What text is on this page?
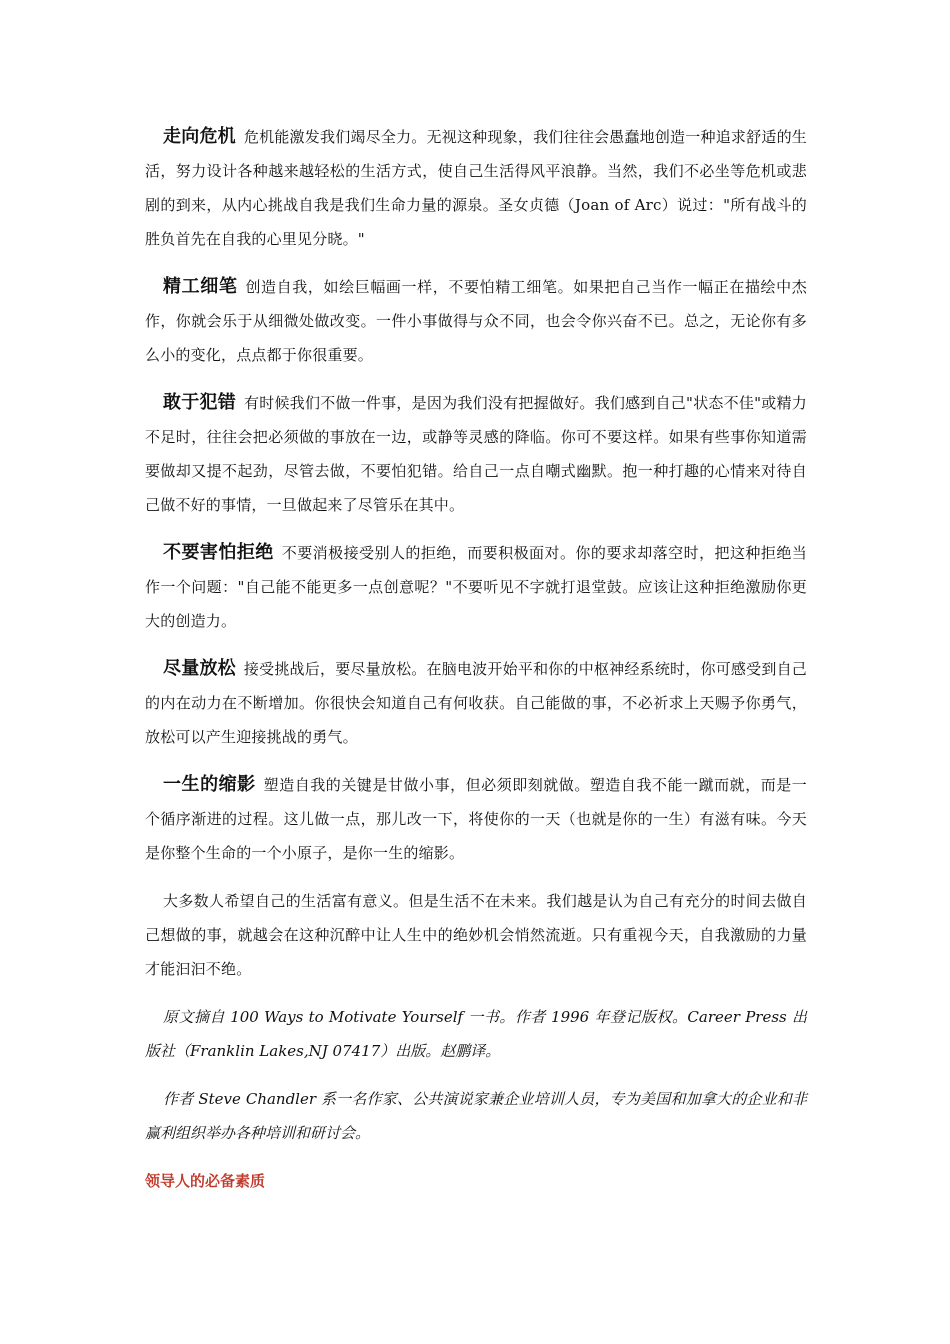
走向危机 危机能激发我们竭尽全力。无视这种现象，我们往往会愚蠢地创造一种追求舒适的生活，努力设计各种越来越轻松的生活方式，使自己生活得风平浪静。当然，我们不必坐等危机或悲剧的到来，从内心挑战自我是我们生命力量的源泉。圣女贞德（Joan of Arc）说过："所有战斗的胜负首先在自我的心里见分晓。"

精工细笔 创造自我，如绘巨幅画一样，不要怕精工细笔。如果把自己当作一幅正在描绘中杰作，你就会乐于从细微处做改变。一件小事做得与众不同，也会令你兴奋不已。总之，无论你有多么小的变化，点点都于你很重要。

敢于犯错 有时候我们不做一件事，是因为我们没有把握做好。我们感到自己"状态不佳"或精力不足时，往往会把必须做的事放在一边，或静等灵感的降临。你可不要这样。如果有些事你知道需要做却又提不起劲，尽管去做，不要怕犯错。给自己一点自嘲式幽默。抱一种打趣的心情来对待自己做不好的事情，一旦做起来了尽管乐在其中。

不要害怕拒绝 不要消极接受别人的拒绝，而要积极面对。你的要求却落空时，把这种拒绝当作一个问题："自己能不能更多一点创意呢？"不要听见不字就打退堂鼓。应该让这种拒绝激励你更大的创造力。

尽量放松 接受挑战后，要尽量放松。在脑电波开始平和你的中枢神经系统时，你可感受到自己的内在动力在不断增加。你很快会知道自己有何收获。自己能做的事，不必祈求上天赐予你勇气，放松可以产生迎接挑战的勇气。

一生的缩影 塑造自我的关键是甘做小事，但必须即刻就做。塑造自我不能一蹴而就，而是一个循序渐进的过程。这儿做一点，那儿改一下，将使你的一天（也就是你的一生）有滋有味。今天是你整个生命的一个小原子，是你一生的缩影。

大多数人希望自己的生活富有意义。但是生活不在未来。我们越是认为自己有充分的时间去做自己想做的事，就越会在这种沉醉中让人生中的绝妙机会悄然流逝。只有重视今天，自我激励的力量才能汩汩不绝。

原文摘自 100 Ways to Motivate Yourself 一书。作者 1996 年登记版权。Career Press 出版社（Franklin Lakes,NJ 07417）出版。赵鹏译。

作者 Steve Chandler 系一名作家、公共演说家兼企业培训人员，专为美国和加拿大的企业和非赢利组织举办各种培训和研讨会。

领导人的必备素质
